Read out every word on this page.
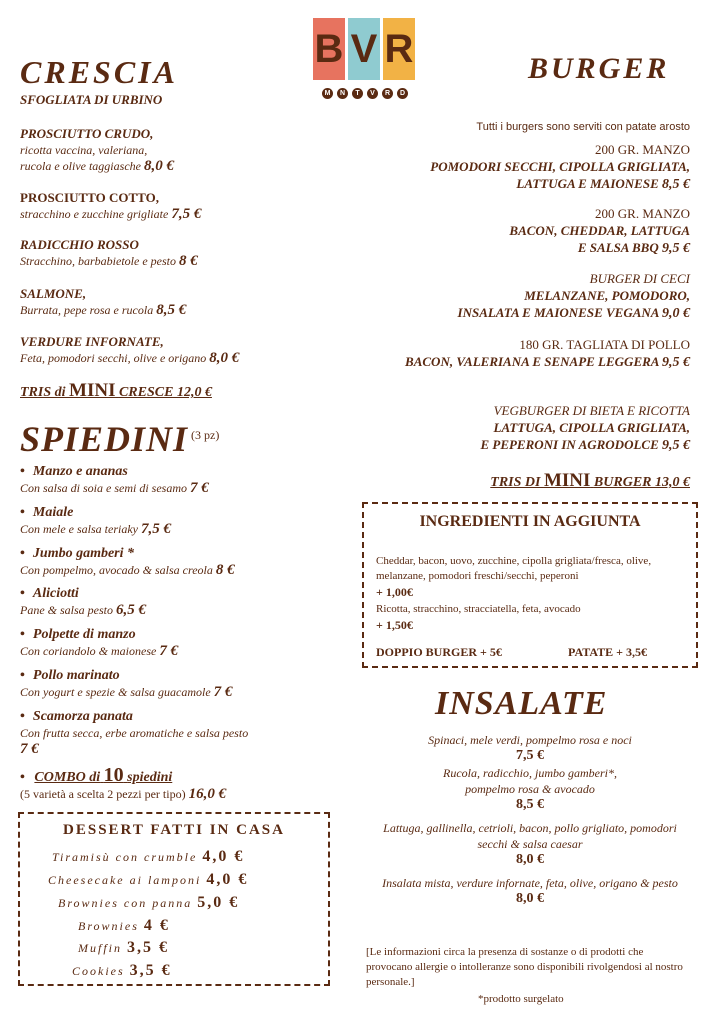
B V R
M	N	T	V	R	D
CRESCIA
SFOGLIATA DI URBINO
PROSCIUTTO CRUDO,
ricotta vaccina, valeriana,
rucola e olive taggiasche 8,0 €
PROSCIUTTO COTTO,
stracchino e zucchine grigliate 7,5 €
RADICCHIO ROSSO
Stracchino, barbabietole e pesto 8 €
SALMONE,
Burrata, pepe rosa e rucola 8,5 €
VERDURE INFORNATE,
Feta, pomodori secchi, olive e origano 8,0 €
TRIS di MINI CRESCE 12,0 €
SPIEDINI (3 pz)
• Manzo e ananas
Con salsa di soia e semi di sesamo 7 €
• Maiale
Con mele e salsa teriaky 7,5 €
• Jumbo gamberi *
Con pompelmo, avocado & salsa creola 8 €
• Aliciotti
Pane & salsa pesto 6,5 €
• Polpette di manzo
Con coriandolo & maionese 7 €
• Pollo marinato
Con yogurt e spezie & salsa guacamole 7 €
• Scamorza panata
Con frutta secca, erbe aromatiche e salsa pesto
7 €
• COMBO di 10 spiedini
(5 varietà a scelta 2 pezzi per tipo) 16,0 €
DESSERT FATTI IN CASA
Tiramisù con crumble 4,0 €
Cheesecake ai lamponi 4,0 €
Brownies con panna 5,0 €
Brownies 4 €
Muffin 3,5 €
Cookies 3,5 €
BURGER
Tutti i burgers sono serviti con patate arosto
200 GR. MANZO
POMODORI SECCHI, CIPOLLA GRIGLIATA,
LATTUGA E MAIONESE 8,5 €
200 GR. MANZO
BACON, CHEDDAR, LATTUGA
E SALSA BBQ 9,5 €
BURGER DI CECI
MELANZANE, POMODORO,
INSALATA E MAIONESE VEGANA 9,0 €
180 GR. TAGLIATA DI POLLO
BACON, VALERIANA E SENAPE LEGGERA 9,5 €
VEGBURGER DI BIETA E RICOTTA
LATTUGA, CIPOLLA GRIGLIATA,
E PEPERONI IN AGRODOLCE 9,5 €
TRIS DI MINI BURGER 13,0 €
INGREDIENTI IN AGGIUNTA
Cheddar, bacon, uovo, zucchine, cipolla grigliata/fresca, olive, melanzane, pomodori freschi/secchi, peperoni
+ 1,00€
Ricotta, stracchino, stracciatella, feta, avocado
+ 1,50€
DOPPIO BURGER + 5€	PATATE + 3,5€
INSALATE
Spinaci, mele verdi, pompelmo rosa e noci
7,5 €
Rucola, radicchio, jumbo gamberi*, pompelmo rosa & avocado
8,5 €
Lattuga, gallinella, cetrioli, bacon, pollo grigliato, pomodori secchi & salsa caesar
8,0 €
Insalata mista, verdure infornate, feta, olive, origano & pesto
8,0 €
[Le informazioni circa la presenza di sostanze o di prodotti che provocano allergie o intolleranze sono disponibili rivolgendosi al nostro personale.]
*prodotto surgelato
